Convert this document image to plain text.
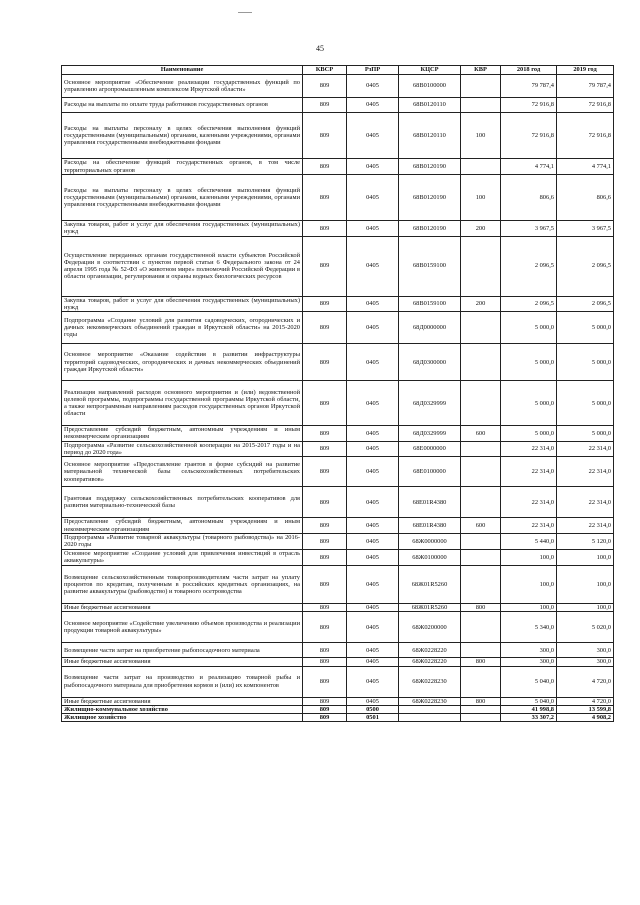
45
Наименование	КВСР	РзПР	КЦСР	КВР	2018 год	2019 год
Основное мероприятие «Обеспечение реализации государственных функций по управлению агропромышленным комплексом Иркутской области»	809	0405	68В0100000		79 787,4	79 787,4
Расходы на выплаты по оплате труда работников государственных органов	809	0405	68В0120110		72 916,8	72 916,8
Расходы на выплаты персоналу в целях обеспечения выполнения функций государственными (муниципальными) органами, казенными учреждениями, органами управления государственными внебюджетными фондами	809	0405	68В0120110	100	72 916,8	72 916,8
Расходы на обеспечение функций государственных органов, в том числе территориальных органов	809	0405	68В0120190		4 774,1	4 774,1
Расходы на выплаты персоналу в целях обеспечения выполнения функций государственными (муниципальными) органами, казенными учреждениями, органами управления государственными внебюджетными фондами	809	0405	68В0120190	100	806,6	806,6
Закупка товаров, работ и услуг для обеспечения государственных (муниципальных) нужд	809	0405	68В0120190	200	3 967,5	3 967,5
Осуществление переданных органам государственной власти субъектов Российской Федерации в соответствии с пунктом первой статьи 6 Федерального закона от 24 апреля 1995 года № 52-ФЗ «О животном мире» полномочий Российской Федерации в области организации, регулирования и охраны водных биологических ресурсов	809	0405	68В0159100		2 096,5	2 096,5
Закупка товаров, работ и услуг для обеспечения государственных (муниципальных) нужд	809	0405	68В0159100	200	2 096,5	2 096,5
Подпрограмма «Создание условий для развития садоводческих, огороднических и дачных некоммерческих объединений граждан в Иркутской области» на 2015-2020 годы	809	0405	68Д0000000		5 000,0	5 000,0
Основное мероприятие «Оказание содействия в развитии инфраструктуры территорий садоводческих, огороднических и дачных некоммерческих объединений граждан Иркутской области»	809	0405	68Д0300000		5 000,0	5 000,0
Реализация направлений расходов основного мероприятия и (или) ведомственной целевой программы, подпрограммы государственной программы Иркутской области, а также непрограммным направлениям расходов государственных органов Иркутской области	809	0405	68Д0329999		5 000,0	5 000,0
Предоставление субсидий бюджетным, автономным учреждениям и иным некоммерческим организациям	809	0405	68Д0329999	600	5 000,0	5 000,0
Подпрограмма «Развитие сельскохозяйственной кооперации на 2015-2017 годы и на период до 2020 года»	809	0405	68Е0000000		22 314,0	22 314,0
Основное мероприятие «Предоставление грантов в форме субсидий на развитие материальной технической базы сельскохозяйственных потребительских кооперативов»	809	0405	68Е0100000		22 314,0	22 314,0
Грантовая поддержку сельскохозяйственных потребительских кооперативов для развития материально-технической базы	809	0405	68Е01R4380		22 314,0	22 314,0
Предоставление субсидий бюджетным, автономным учреждениям и иным некоммерческим организациям	809	0405	68Е01R4380	600	22 314,0	22 314,0
Подпрограмма «Развитие товарной аквакультуры (товарного рыбоводства)» на 2016-2020 годы	809	0405	68Ж0000000		5 440,0	5 120,0
Основное мероприятие «Создание условий для привлечения инвестиций в отрасль аквакультуры»	809	0405	68Ж0100000		100,0	100,0
Возмещение сельскохозяйственным товаропроизводителям части затрат на уплату процентов по кредитам, полученным в российских кредитных организациях, на развитие аквакультуры (рыбоводство) и товарного осетроводства	809	0405	68Ж01R5260		100,0	100,0
Иные бюджетные ассигнования	809	0405	68Ж01R5260	800	100,0	100,0
Основное мероприятие «Содействие увеличению объемов производства и реализации продукции товарной аквакультуры»	809	0405	68Ж0200000		5 340,0	5 020,0
Возмещение части затрат на приобретение рыбопосадочного материала	809	0405	68Ж0228220		300,0	300,0
Иные бюджетные ассигнования	809	0405	68Ж0228220	800	300,0	300,0
Возмещение части затрат на производство и реализацию товарной рыбы и рыбопосадочного материала для приобретения кормов и (или) их компонентов	809	0405	68Ж0228230		5 040,0	4 720,0
Иные бюджетные ассигнования	809	0405	68Ж0228230	800	5 040,0	4 720,0
Жилищно-коммунальное хозяйство	809	0500			41 998,8	13 599,8
Жилищное хозяйство	809	0501			33 307,2	4 908,2
